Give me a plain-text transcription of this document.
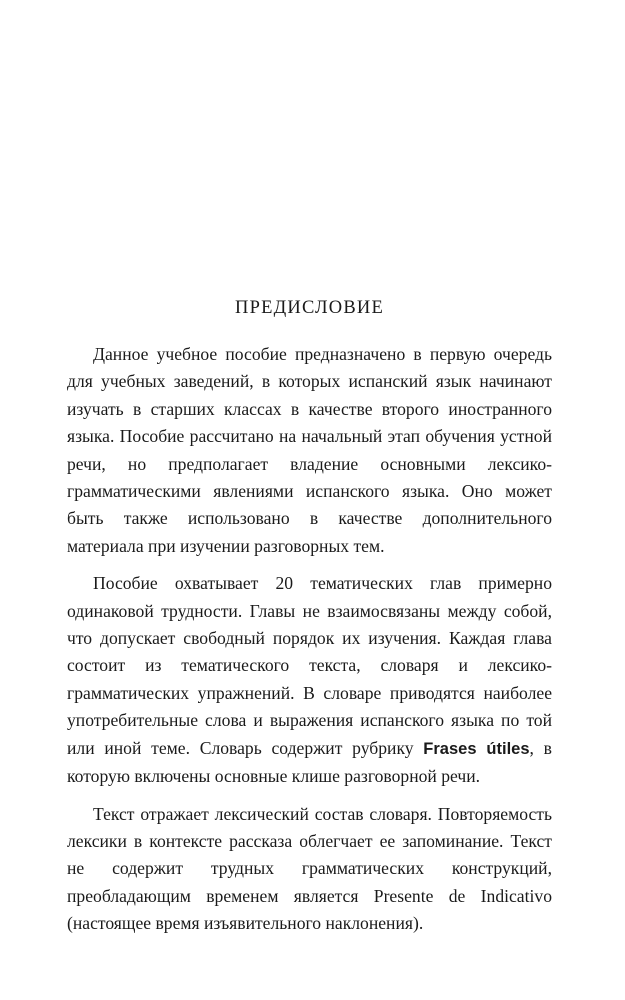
ПРЕДИСЛОВИЕ

Данное учебное пособие предназначено в первую очередь для учебных заведений, в которых испанский язык начинают изучать в старших классах в качестве второго иностранного языка. Пособие рассчитано на начальный этап обучения устной речи, но предполагает владение основными лексико-грамматическими явлениями испанского языка. Оно может быть также использовано в качестве дополнительного материала при изучении разговорных тем.

Пособие охватывает 20 тематических глав примерно одинаковой трудности. Главы не взаимосвязаны между собой, что допускает свободный порядок их изучения. Каждая глава состоит из тематического текста, словаря и лексико-грамматических упражнений. В словаре приводятся наиболее употребительные слова и выражения испанского языка по той или иной теме. Словарь содержит рубрику Frases útiles, в которую включены основные клише разговорной речи.

Текст отражает лексический состав словаря. Повторяемость лексики в контексте рассказа облегчает ее запоминание. Текст не содержит трудных грамматических конструкций, преобладающим временем является Presente de Indicativo (настоящее время изъявительного наклонения).
